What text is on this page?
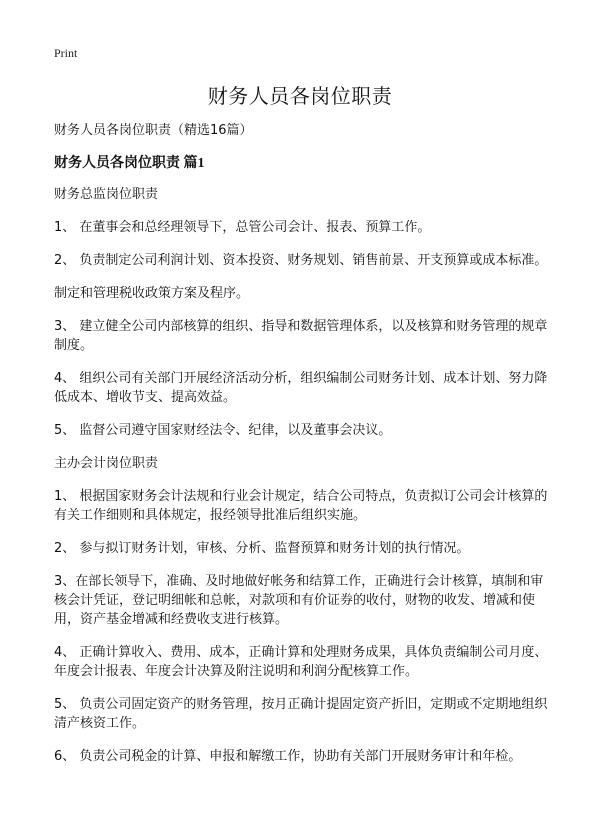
Print
财务人员各岗位职责

财务人员各岗位职责（精选16篇）

财务人员各岗位职责 篇1

财务总监岗位职责

1、 在董事会和总经理领导下，总管公司会计、报表、预算工作。

2、 负责制定公司利润计划、资本投资、财务规划、销售前景、开支预算或成本标准。

制定和管理税收政策方案及程序。

3、 建立健全公司内部核算的组织、指导和数据管理体系，以及核算和财务管理的规章制度。

4、 组织公司有关部门开展经济活动分析，组织编制公司财务计划、成本计划、努力降低成本、增收节支、提高效益。

5、 监督公司遵守国家财经法令、纪律，以及董事会决议。

主办会计岗位职责

1、 根据国家财务会计法规和行业会计规定，结合公司特点，负责拟订公司会计核算的有关工作细则和具体规定，报经领导批准后组织实施。

2、 参与拟订财务计划，审核、分析、监督预算和财务计划的执行情况。

3、在部长领导下，准确、及时地做好帐务和结算工作，正确进行会计核算，填制和审核会计凭证，登记明细帐和总帐，对款项和有价证券的收付，财物的收发、增减和使用，资产基金增减和经费收支进行核算。

4、 正确计算收入、费用、成本，正确计算和处理财务成果，具体负责编制公司月度、年度会计报表、年度会计决算及附注说明和利润分配核算工作。

5、 负责公司固定资产的财务管理，按月正确计提固定资产折旧，定期或不定期地组织清产核资工作。

6、 负责公司税金的计算、申报和解缴工作，协助有关部门开展财务审计和年检。
